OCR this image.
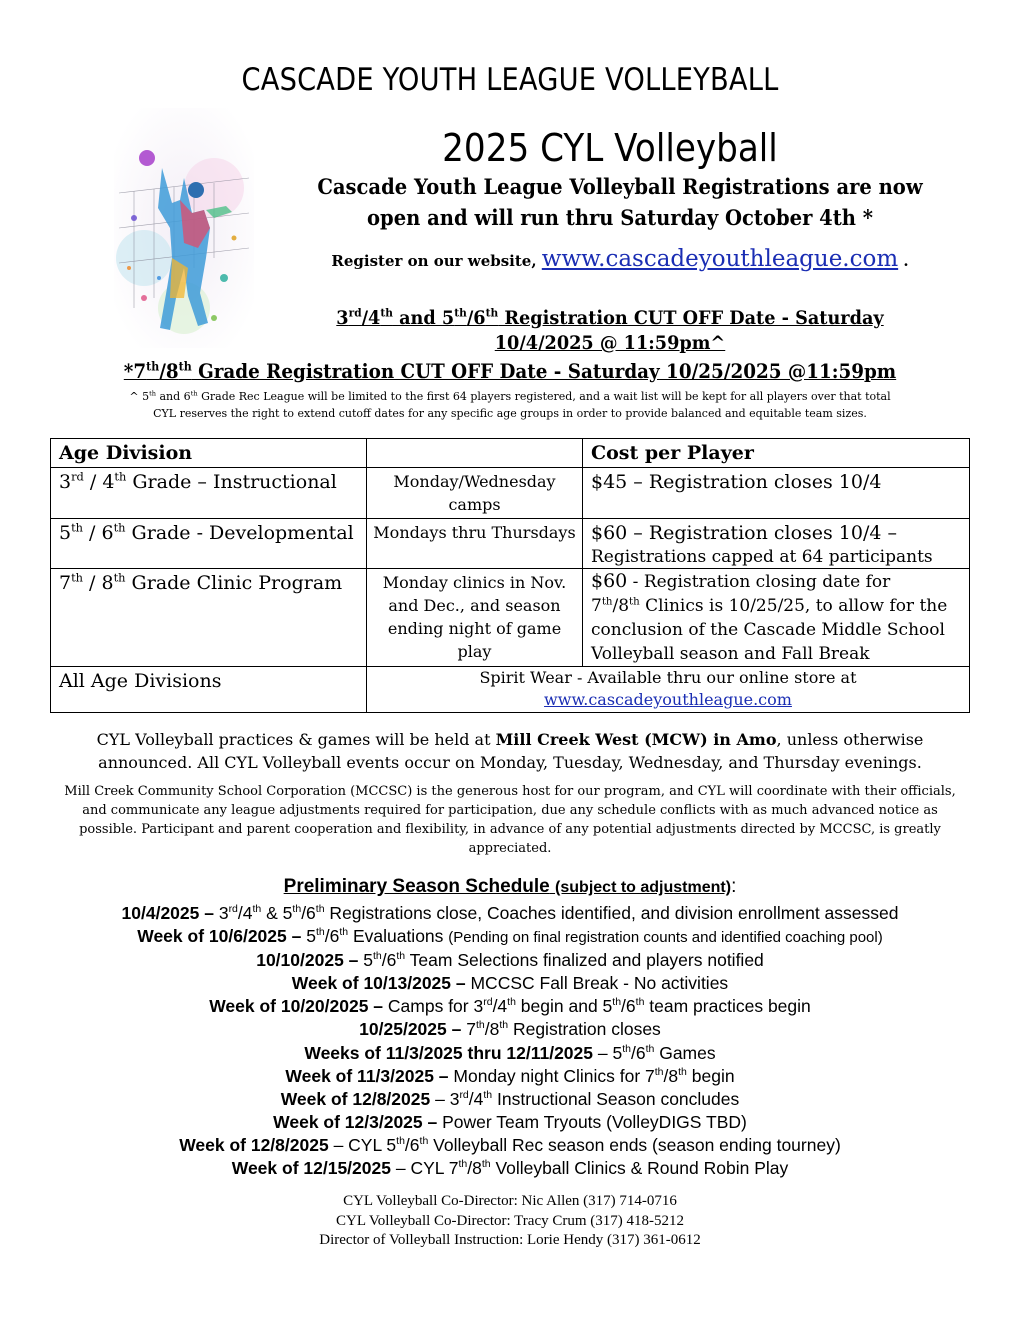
CASCADE YOUTH LEAGUE VOLLEYBALL
2025 CYL Volleyball
Cascade Youth League Volleyball Registrations are now
open and will run thru Saturday October 4th *
Register on our website, www.cascadeyouthleague.com .
3rd/4th and 5th/6th Registration CUT OFF Date - Saturday
10/4/2025 @ 11:59pm^
*7th/8th Grade Registration CUT OFF Date - Saturday 10/25/2025 @11:59pm
^ 5th and 6th Grade Rec League will be limited to the first 64 players registered, and a wait list will be kept for all players over that total
CYL reserves the right to extend cutoff dates for any specific age groups in order to provide balanced and equitable team sizes.
Age Division		Cost per Player
3rd / 4th Grade – Instructional	Monday/Wednesday camps	$45 – Registration closes 10/4
5th / 6th Grade - Developmental	Mondays thru Thursdays	$60 – Registration closes 10/4 –
Registrations capped at 64 participants

7th / 8th Grade Clinic Program	Monday clinics in Nov. and Dec., and season ending night of game play	$60 - Registration closing date for
7th/8th Clinics is 10/25/25, to allow for the conclusion of the Cascade Middle School Volleyball season and Fall Break
All Age Divisions	Spirit Wear - Available thru our online store at
www.cascadeyouthleague.com	
CYL Volleyball practices & games will be held at Mill Creek West (MCW) in Amo, unless otherwise
announced. All CYL Volleyball events occur on Monday, Tuesday, Wednesday, and Thursday evenings.
Mill Creek Community School Corporation (MCCSC) is the generous host for our program, and CYL will coordinate with their officials, and communicate any league adjustments required for participation, due any schedule conflicts with as much advanced notice as possible. Participant and parent cooperation and flexibility, in advance of any potential adjustments directed by MCCSC, is greatly appreciated.
Preliminary Season Schedule (subject to adjustment):
10/4/2025 – 3rd/4th & 5th/6th Registrations close, Coaches identified, and division enrollment assessed
Week of 10/6/2025 – 5th/6th Evaluations (Pending on final registration counts and identified coaching pool)
10/10/2025 – 5th/6th Team Selections finalized and players notified
Week of 10/13/2025 – MCCSC Fall Break - No activities
Week of 10/20/2025 – Camps for 3rd/4th begin and 5th/6th team practices begin
10/25/2025 – 7th/8th Registration closes
Weeks of 11/3/2025 thru 12/11/2025 – 5th/6th Games
Week of 11/3/2025 – Monday night Clinics for 7th/8th begin
Week of 12/8/2025 – 3rd/4th Instructional Season concludes
Week of 12/3/2025 – Power Team Tryouts (VolleyDIGS TBD)
Week of 12/8/2025 – CYL 5th/6th Volleyball Rec season ends (season ending tourney)
Week of 12/15/2025 – CYL 7th/8th Volleyball Clinics & Round Robin Play
CYL Volleyball Co-Director: Nic Allen (317) 714-0716
CYL Volleyball Co-Director: Tracy Crum (317) 418-5212
Director of Volleyball Instruction: Lorie Hendy (317) 361-0612
